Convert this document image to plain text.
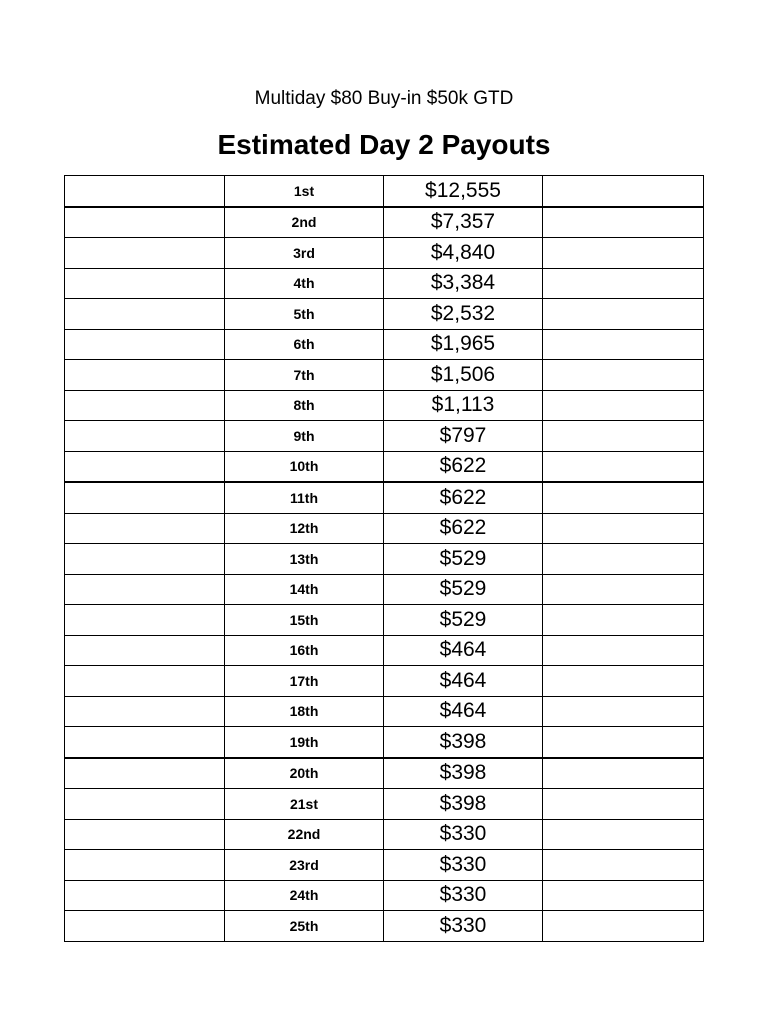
Multiday $80 Buy-in $50k GTD
Estimated Day 2 Payouts
	1st	$12,555	
	2nd	$7,357	
	3rd	$4,840	
	4th	$3,384	
	5th	$2,532	
	6th	$1,965	
	7th	$1,506	
	8th	$1,113	
	9th	$797	
	10th	$622	
	11th	$622	
	12th	$622	
	13th	$529	
	14th	$529	
	15th	$529	
	16th	$464	
	17th	$464	
	18th	$464	
	19th	$398	
	20th	$398	
	21st	$398	
	22nd	$330	
	23rd	$330	
	24th	$330	
	25th	$330	
